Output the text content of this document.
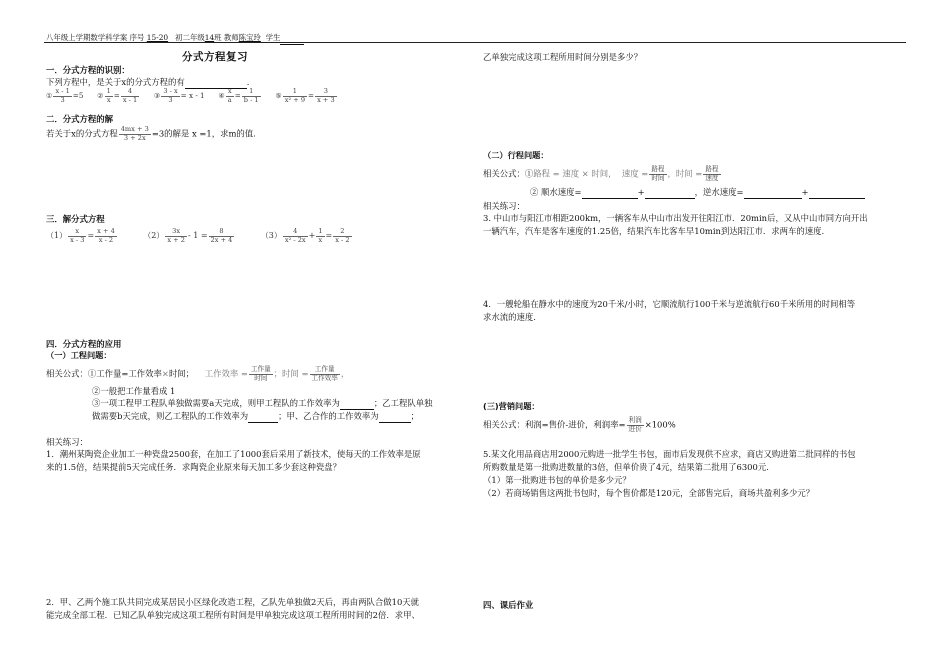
八年级上学期数学科学案 序号 15-20 初二年级14班 教师陈宝玲 学生
分式方程复习
一．分式方程的识别：
下列方程中，是关于x的分式方程的有	.
① $\frac{x - 1}{3} =5$ ② $\frac{1}{x} = \frac{4}{x - 1}$ ③ $\frac{3 - x}{3} = x - 1$ ④ $\frac{x}{a} = \frac{1}{b - 1}$ ⑤ $\frac{1}{\text{x² + 9}} = \frac{3}{x + 3}$
二．分式方程的解
若关于x的分式方程 $\frac{4mx + 3}{3 + 2x} =3$的解是 x =1，求m的值.
三．解分式方程
$(1) \frac{x}{x - 3} = \frac{x + 4}{x - 2}$	$(2) \frac{3x}{x + 2} - 1 = \frac{8}{2x + 4}$	$(3) \frac{4}{\text{x² - 2x}} + \frac{1}{x} = \frac{2}{x - 2}$
四．分式方程的应用
（一）工程问题：
相关公式：①工作量=工作效率×时间； 工作效率 = $\frac{\text{工作量}}{\text{时间}}$ ；时间 = $\frac{\text{工作量}}{\text{工作效率}}$ ，
②一般把工作量看成 1
③一项工程甲工程队单独做需要a天完成，则甲工程队的工作效率为	；乙工程队单独
做需要b天完成，则乙工程队的工作效率为	；甲、乙合作的工作效率为	；
相关练习：
1．潮州某陶瓷企业加工一种瓷盘2500套，在加工了1000套后采用了新技术，使每天的工作效率是原
来的1.5倍，结果提前5天完成任务．求陶瓷企业原来每天加工多少套这种瓷盘？
2．甲、乙两个施工队共同完成某居民小区绿化改造工程，乙队先单独做2天后，再由两队合做10天就
能完成全部工程．已知乙队单独完成这项工程所有时间是甲单独完成这项工程所用时间的2倍．求甲、
乙单独完成这项工程所用时间分别是多少？
（二）行程问题：
相关公式：①路程 = 速度 × 时间， 速度 = $\frac{\text{路程}}{\text{时间}}$ ，时间 = $\frac{\text{路程}}{\text{速度}}$
② 顺水速度=	+	，逆水速度=	+
相关练习：
3. 中山市与阳江市相距200km，一辆客车从中山市出发开往阳江市．20min后，又从中山市同方向开出
一辆汽车，汽车是客车速度的1.25倍，结果汽车比客车早10min到达阳江市．求两车的速度.
4．一艘轮船在静水中的速度为20千米/小时，它顺流航行100千米与逆流航行60千米所用的时间相等
求水流的速度.
(三)营销问题：
相关公式：利润=售价-进价，利润率= $\frac{\text{利润}}{\text{进价}} \times 100\%$
5.某文化用品商店用2000元购进一批学生书包，面市后发现供不应求，商店又购进第二批同样的书包
所购数量是第一批购进数量的3倍，但单价贵了4元，结果第二批用了6300元.
（1）第一批购进书包的单价是多少元？
（2）若商场销售这两批书包时，每个售价都是120元，全部售完后，商场共盈利多少元？
四、课后作业
